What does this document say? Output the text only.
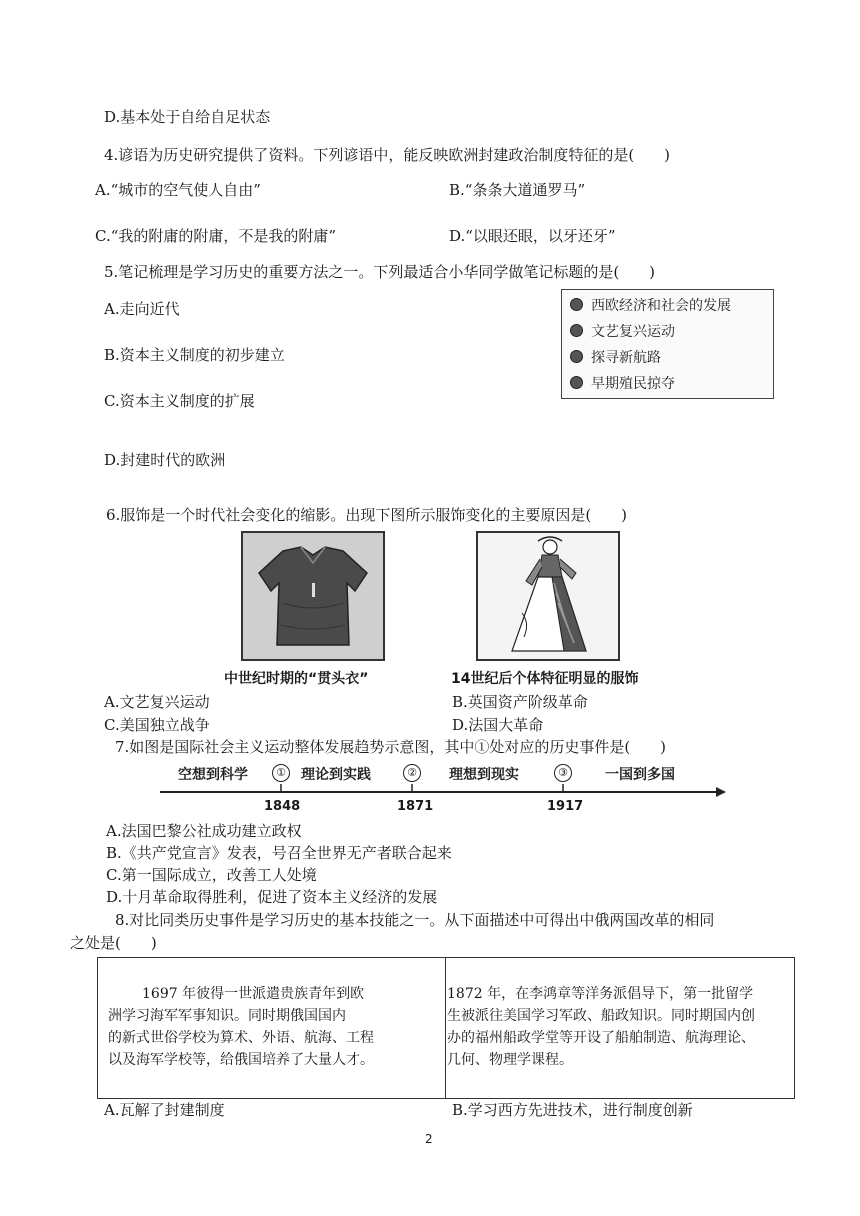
D.基本处于自给自足状态
4.谚语为历史研究提供了资料。下列谚语中，能反映欧洲封建政治制度特征的是(　　)
A.“城市的空气使人自由”	B.“条条大道通罗马”
C.“我的附庸的附庸，不是我的附庸”	D.“以眼还眼，以牙还牙”
5.笔记梳理是学习历史的重要方法之一。下列最适合小华同学做笔记标题的是(　　)
A.走向近代
B.资本主义制度的初步建立
C.资本主义制度的扩展
D.封建时代的欧洲
西欧经济和社会的发展
文艺复兴运动
探寻新航路
早期殖民掠夺
6.服饰是一个时代社会变化的缩影。出现下图所示服饰变化的主要原因是(　　)
中世纪时期的“贯头衣”	14世纪后个体特征明显的服饰
A.文艺复兴运动	B.英国资产阶级革命
C.美国独立战争	D.法国大革命
7.如图是国际社会主义运动整体发展趋势示意图，其中①处对应的历史事件是(　　)
空想到科学	① 理论到实践	② 理想到现实	③	一国到多国
1848	1871	1917
A.法国巴黎公社成功建立政权
B.《共产党宣言》发表，号召全世界无产者联合起来
C.第一国际成立，改善工人处境
D.十月革命取得胜利，促进了资本主义经济的发展
8.对比同类历史事件是学习历史的基本技能之一。从下面描述中可得出中俄两国改革的相同
之处是(　　)
1697 年彼得一世派遣贵族青年到欧
洲学习海军军事知识。同时期俄国国内
的新式世俗学校为算术、外语、航海、工程
以及海军学校等，给俄国培养了大量人才。
1872 年，在李鸿章等洋务派倡导下，第一批留学
生被派往美国学习军政、船政知识。同时期国内创
办的福州船政学堂等开设了船舶制造、航海理论、
几何、物理学课程。
A.瓦解了封建制度	B.学习西方先进技术，进行制度创新
2
